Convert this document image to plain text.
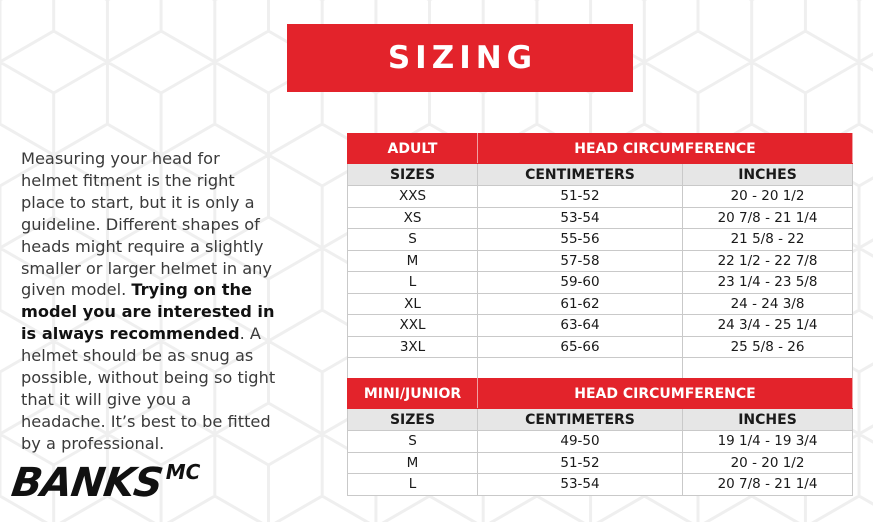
SIZING

Measuring your head for helmet fitment is the right place to start, but it is only a guideline. Different shapes of heads might require a slightly smaller or larger helmet in any given model. Trying on the model you are interested in is always recommended. A helmet should be as snug as possible, without being so tight that it will give you a headache. It’s best to be fitted by a professional.

BANKS MC
ADULT	HEAD CIRCUMFERENCE	
SIZES	CENTIMETERS	INCHES
XXS	51-52	20 - 20 1/2
XS	53-54	20 7/8 - 21 1/4
S	55-56	21 5/8 - 22
M	57-58	22 1/2 - 22 7/8
L	59-60	23 1/4 - 23 5/8
XL	61-62	24 - 24 3/8
XXL	63-64	24 3/4 - 25 1/4
3XL	65-66	25 5/8 - 26

MINI/JUNIOR	HEAD CIRCUMFERENCE	
SIZES	CENTIMETERS	INCHES
S	49-50	19 1/4 - 19 3/4
M	51-52	20 - 20 1/2
L	53-54	20 7/8 - 21 1/4
